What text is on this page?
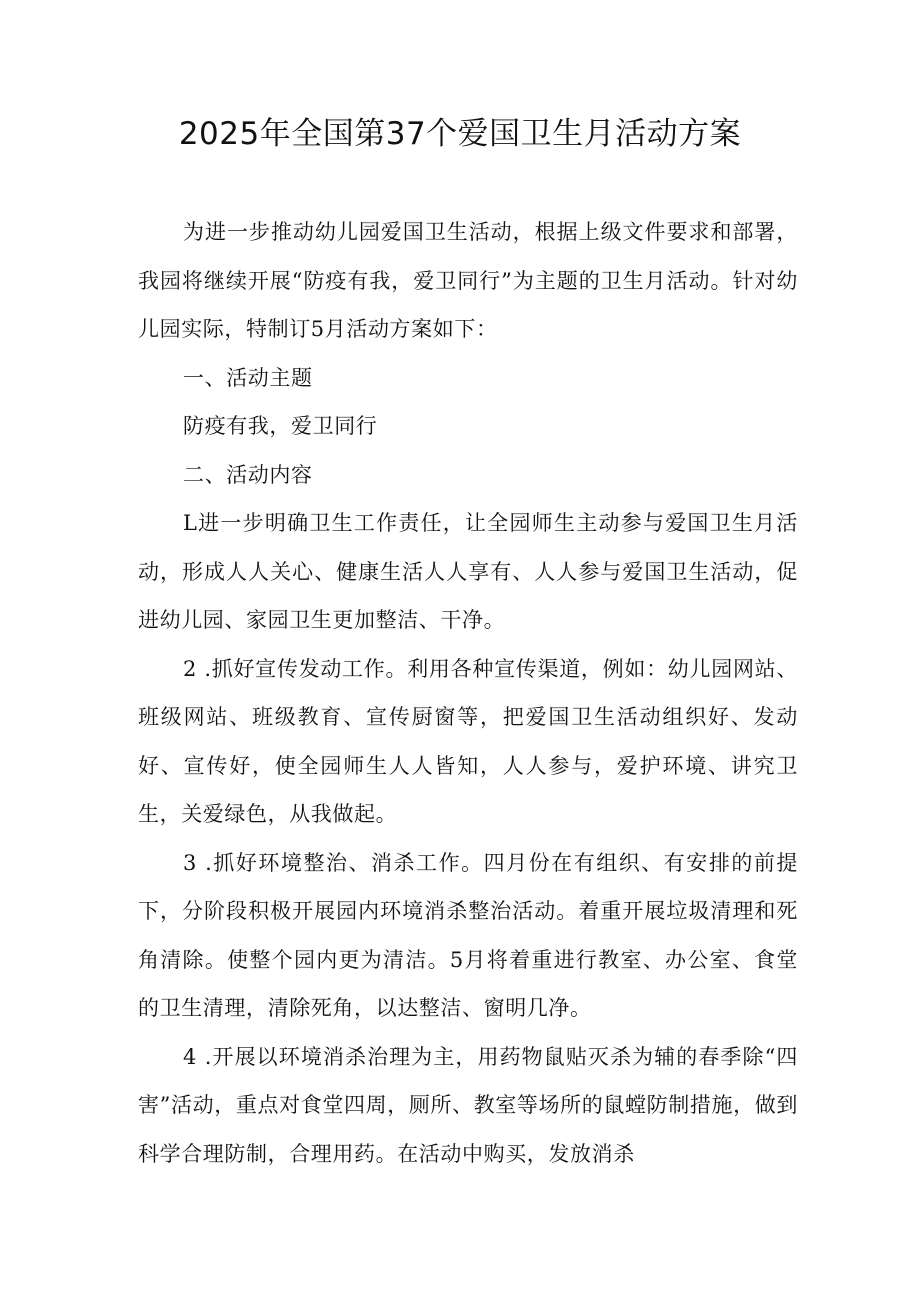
2025年全国第37个爱国卫生月活动方案

为进一步推动幼儿园爱国卫生活动，根据上级文件要求和部署，我园将继续开展“防疫有我，爱卫同行”为主题的卫生月活动。针对幼儿园实际，特制订5月活动方案如下：

一、活动主题

防疫有我，爱卫同行

二、活动内容

L进一步明确卫生工作责任，让全园师生主动参与爱国卫生月活动，形成人人关心、健康生活人人享有、人人参与爱国卫生活动，促进幼儿园、家园卫生更加整洁、干净。

2 .抓好宣传发动工作。利用各种宣传渠道，例如：幼儿园网站、班级网站、班级教育、宣传厨窗等，把爱国卫生活动组织好、发动好、宣传好，使全园师生人人皆知，人人参与，爱护环境、讲究卫生，关爱绿色，从我做起。

3 .抓好环境整治、消杀工作。四月份在有组织、有安排的前提下，分阶段积极开展园内环境消杀整治活动。着重开展垃圾清理和死角清除。使整个园内更为清洁。5月将着重进行教室、办公室、食堂的卫生清理，清除死角，以达整洁、窗明几净。

4 .开展以环境消杀治理为主，用药物鼠贴灭杀为辅的春季除“四害”活动，重点对食堂四周，厕所、教室等场所的鼠螳防制措施，做到科学合理防制，合理用药。在活动中购买，发放消杀
